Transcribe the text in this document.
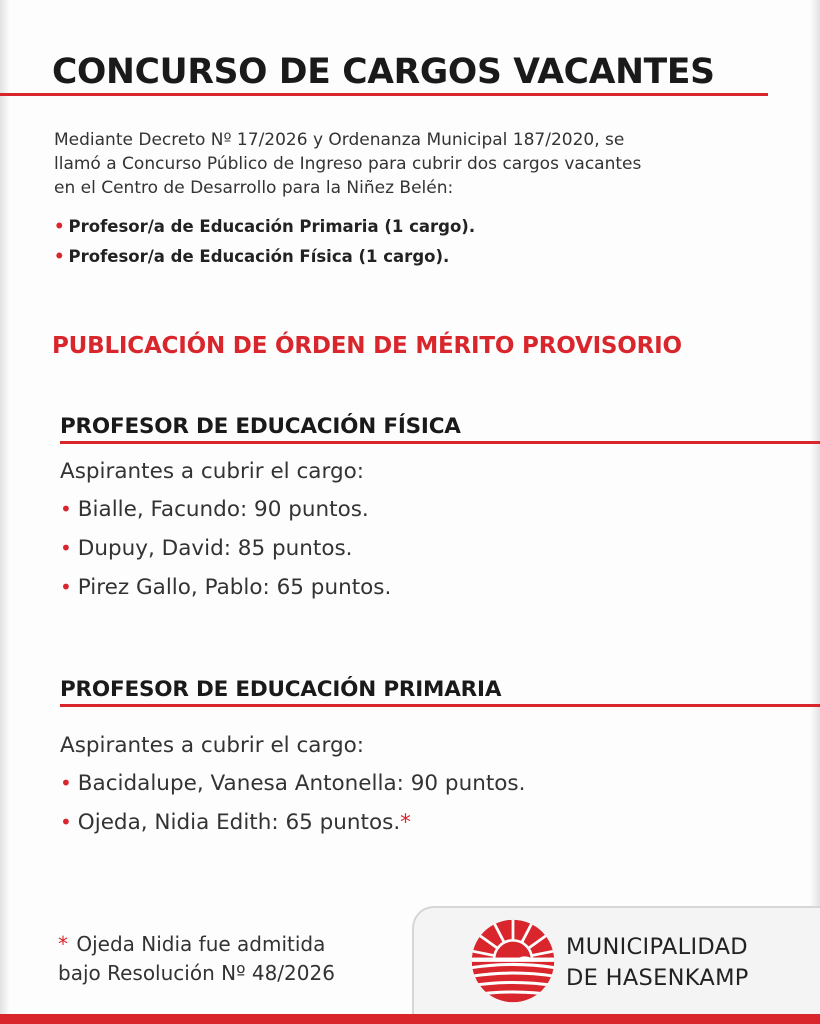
CONCURSO DE CARGOS VACANTES
Mediante Decreto Nº 17/2026 y Ordenanza Municipal 187/2020, se
llamó a Concurso Público de Ingreso para cubrir dos cargos vacantes
en el Centro de Desarrollo para la Niñez Belén:
• Profesor/a de Educación Primaria (1 cargo).
• Profesor/a de Educación Física (1 cargo).
PUBLICACIÓN DE ÓRDEN DE MÉRITO PROVISORIO
PROFESOR DE EDUCACIÓN FÍSICA
Aspirantes a cubrir el cargo:
• Bialle, Facundo: 90 puntos.
• Dupuy, David: 85 puntos.
• Pirez Gallo, Pablo: 65 puntos.
PROFESOR DE EDUCACIÓN PRIMARIA
Aspirantes a cubrir el cargo:
• Bacidalupe, Vanesa Antonella: 90 puntos.
• Ojeda, Nidia Edith: 65 puntos.*
* Ojeda Nidia fue admitida
bajo Resolución Nº 48/2026
MUNICIPALIDAD
DE HASENKAMP
